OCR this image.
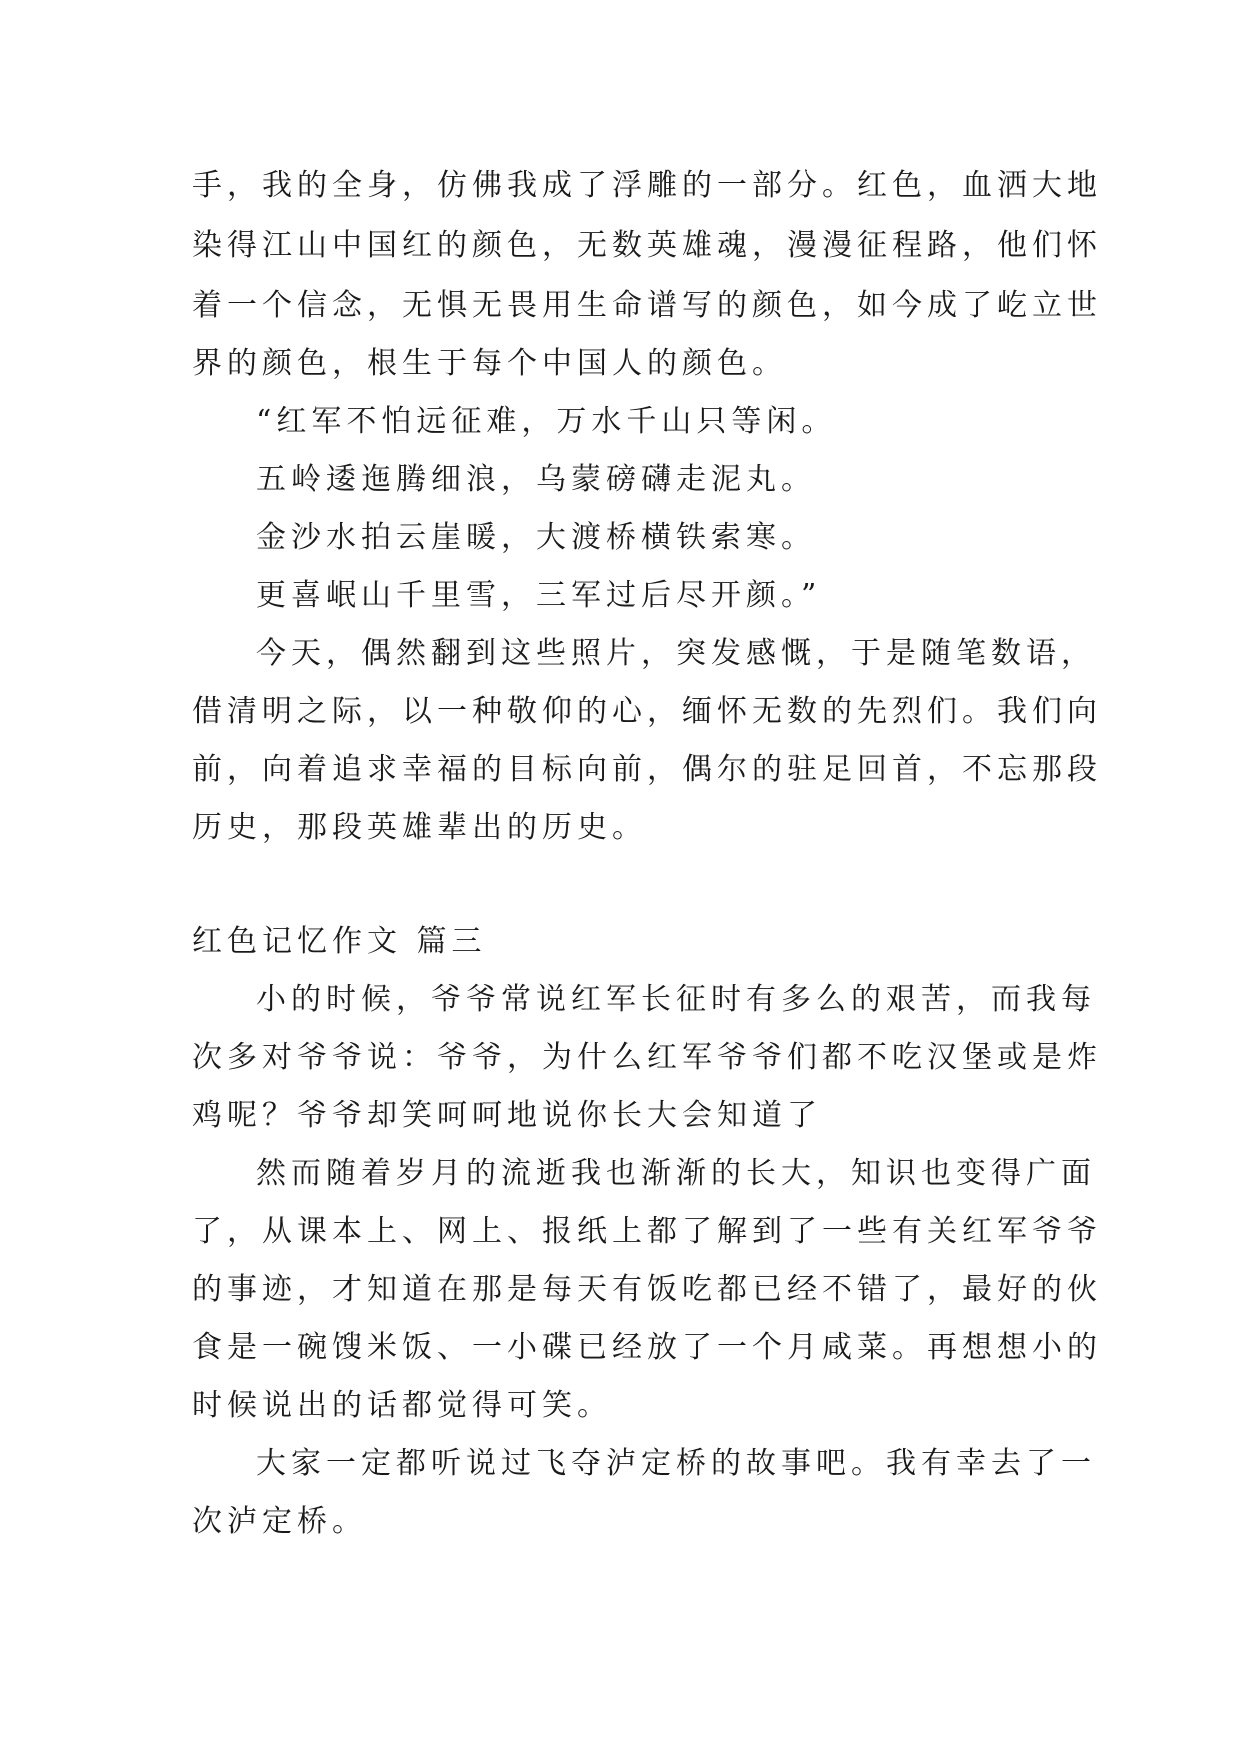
手，我的全身，仿佛我成了浮雕的一部分。红色，血洒大地
染得江山中国红的颜色，无数英雄魂，漫漫征程路，他们怀
着一个信念，无惧无畏用生命谱写的颜色，如今成了屹立世
界的颜色，根生于每个中国人的颜色。
“红军不怕远征难，万水千山只等闲。
五岭逶迤腾细浪，乌蒙磅礴走泥丸。
金沙水拍云崖暖，大渡桥横铁索寒。
更喜岷山千里雪，三军过后尽开颜。”
今天，偶然翻到这些照片，突发感慨，于是随笔数语，
借清明之际，以一种敬仰的心，缅怀无数的先烈们。我们向
前，向着追求幸福的目标向前，偶尔的驻足回首，不忘那段
历史，那段英雄辈出的历史。
红色记忆作文 篇三
小的时候，爷爷常说红军长征时有多么的艰苦，而我每
次多对爷爷说：爷爷，为什么红军爷爷们都不吃汉堡或是炸
鸡呢？爷爷却笑呵呵地说你长大会知道了
然而随着岁月的流逝我也渐渐的长大，知识也变得广面
了，从课本上、网上、报纸上都了解到了一些有关红军爷爷
的事迹，才知道在那是每天有饭吃都已经不错了，最好的伙
食是一碗馊米饭、一小碟已经放了一个月咸菜。再想想小的
时候说出的话都觉得可笑。
大家一定都听说过飞夺泸定桥的故事吧。我有幸去了一
次泸定桥。
